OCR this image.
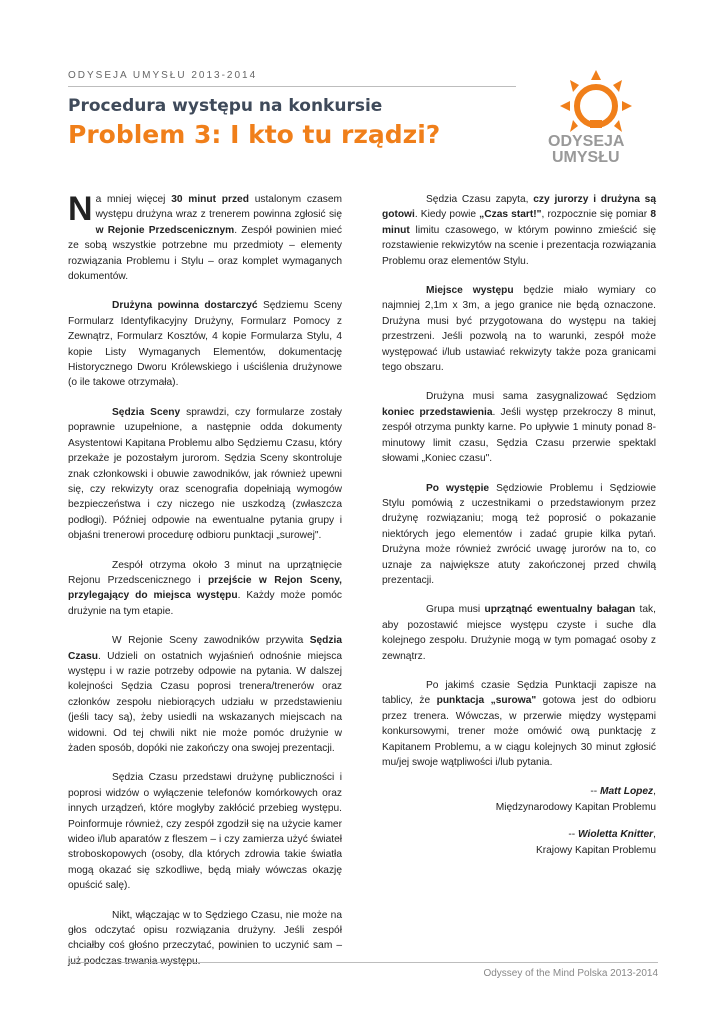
ODYSEJA UMYSŁU 2013-2014
Procedura występu na konkursie
Problem 3: I kto tu rządzi?	ODYSEJA
UMYSŁU

Na mniej więcej 30 minut przed ustalonym czasem występu drużyna wraz z trenerem powinna zgłosić się w Rejonie Przedscenicznym. Zespół powinien mieć ze sobą wszystkie potrzebne mu przedmioty – elementy rozwiązania Problemu i Stylu – oraz komplet wymaganych dokumentów.

Drużyna powinna dostarczyć Sędziemu Sceny Formularz Identyfikacyjny Drużyny, Formularz Pomocy z Zewnątrz, Formularz Kosztów, 4 kopie Formularza Stylu, 4 kopie Listy Wymaganych Elementów, dokumentację Historycznego Dworu Królewskiego i uściślenia drużynowe (o ile takowe otrzymała).

Sędzia Sceny sprawdzi, czy formularze zostały poprawnie uzupełnione, a następnie odda dokumenty Asystentowi Kapitana Problemu albo Sędziemu Czasu, który przekaże je pozostałym jurorom. Sędzia Sceny skontroluje znak członkowski i obuwie zawodników, jak również upewni się, czy rekwizyty oraz scenografia dopełniają wymogów bezpieczeństwa i czy niczego nie uszkodzą (zwłaszcza podłogi). Później odpowie na ewentualne pytania grupy i objaśni trenerowi procedurę odbioru punktacji „surowej".

Zespół otrzyma około 3 minut na uprzątnięcie Rejonu Przedscenicznego i przejście w Rejon Sceny, przylegający do miejsca występu. Każdy może pomóc drużynie na tym etapie.

W Rejonie Sceny zawodników przywita Sędzia Czasu. Udzieli on ostatnich wyjaśnień odnośnie miejsca występu i w razie potrzeby odpowie na pytania. W dalszej kolejności Sędzia Czasu poprosi trenera/trenerów oraz członków zespołu niebiorących udziału w przedstawieniu (jeśli tacy są), żeby usiedli na wskazanych miejscach na widowni. Od tej chwili nikt nie może pomóc drużynie w żaden sposób, dopóki nie zakończy ona swojej prezentacji.

Sędzia Czasu przedstawi drużynę publiczności i poprosi widzów o wyłączenie telefonów komórkowych oraz innych urządzeń, które mogłyby zakłócić przebieg występu. Poinformuje również, czy zespół zgodził się na użycie kamer wideo i/lub aparatów z fleszem – i czy zamierza użyć świateł stroboskopowych (osoby, dla których zdrowia takie światła mogą okazać się szkodliwe, będą miały wówczas okazję opuścić salę).

Nikt, włączając w to Sędziego Czasu, nie może na głos odczytać opisu rozwiązania drużyny. Jeśli zespół chciałby coś głośno przeczytać, powinien to uczynić sam –

Sędzia Czasu zapyta, czy jurorzy i drużyna są gotowi. Kiedy powie „Czas start!", rozpocznie się pomiar 8 minut limitu czasowego, w którym powinno zmieścić się rozstawienie rekwizytów na scenie i prezentacja rozwiązania Problemu oraz elementów Stylu.

Miejsce występu będzie miało wymiary co najmniej 2,1m x 3m, a jego granice nie będą oznaczone. Drużyna musi być przygotowana do występu na takiej przestrzeni. Jeśli pozwolą na to warunki, zespół może występować i/lub ustawiać rekwizyty także poza granicami tego obszaru.

Drużyna musi sama zasygnalizować Sędziom koniec przedstawienia. Jeśli występ przekroczy 8 minut, zespół otrzyma punkty karne. Po upływie 1 minuty ponad 8-minutowy limit czasu, Sędzia Czasu przerwie spektakl słowami „Koniec czasu".

Po występie Sędziowie Problemu i Sędziowie Stylu pomówią z uczestnikami o przedstawionym przez drużynę rozwiązaniu; mogą też poprosić o pokazanie niektórych jego elementów i zadać grupie kilka pytań. Drużyna może również zwrócić uwagę jurorów na to, co uznaje za największe atuty zakończonej przed chwilą prezentacji.

Grupa musi uprzątnąć ewentualny bałagan tak, aby pozostawić miejsce występu czyste i suche dla kolejnego zespołu. Drużynie mogą w tym pomagać osoby z zewnątrz.

Po jakimś czasie Sędzia Punktacji zapisze na tablicy, że punktacja „surowa" gotowa jest do odbioru przez trenera. Wówczas, w przerwie między występami konkursowymi, trener może omówić ową punktację z Kapitanem Problemu, a w ciągu kolejnych 30 minut zgłosić mu/jej swoje wątpliwości i/lub pytania.

-- Matt Lopez,
Międzynarodowy Kapitan Problemu

-- Wioletta Knitter,
Krajowy Kapitan Problemu

Odyssey of the Mind Polska 2013-2014
